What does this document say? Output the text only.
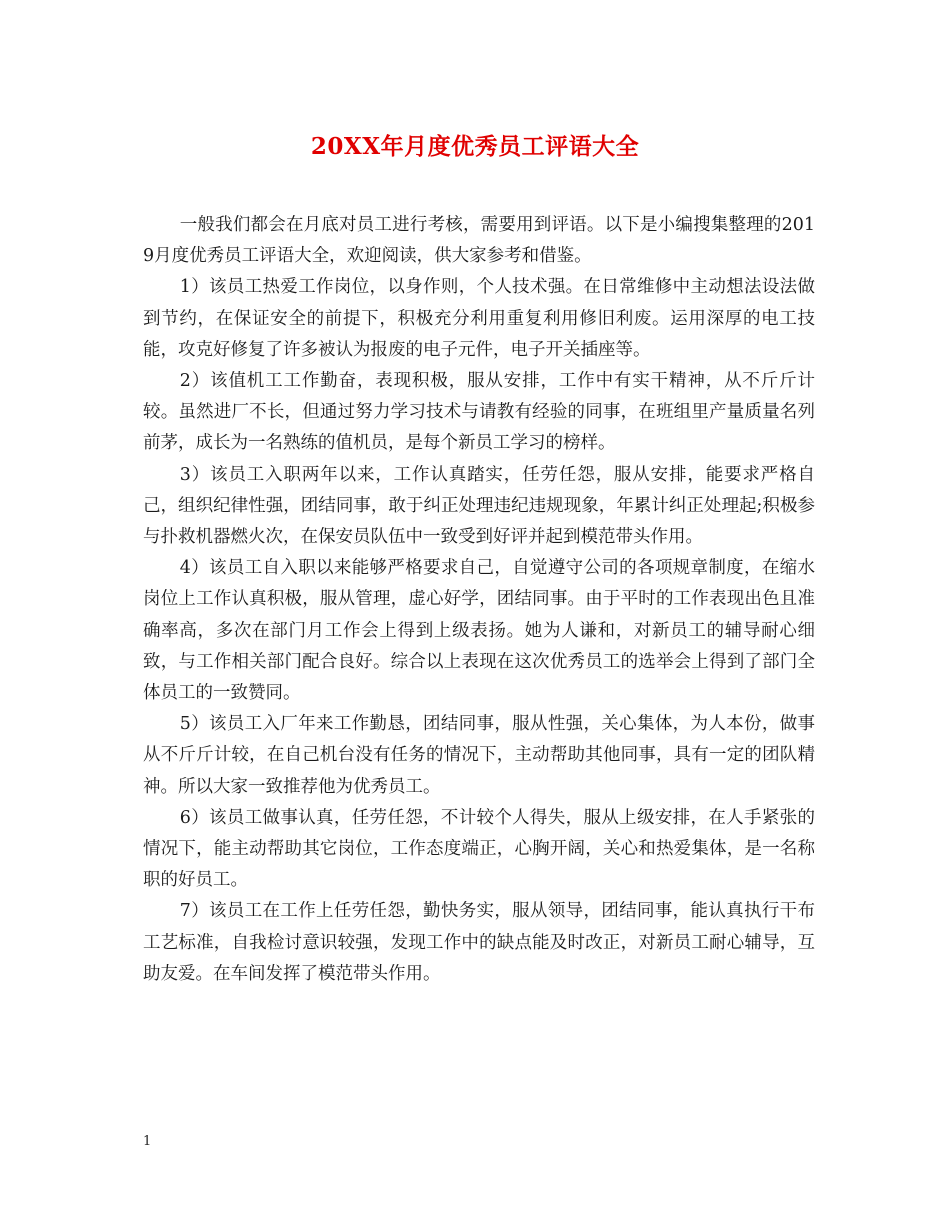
20XX年月度优秀员工评语大全

一般我们都会在月底对员工进行考核，需要用到评语。以下是小编搜集整理的2019月度优秀员工评语大全，欢迎阅读，供大家参考和借鉴。

1）该员工热爱工作岗位，以身作则，个人技术强。在日常维修中主动想法设法做到节约，在保证安全的前提下，积极充分利用重复利用修旧利废。运用深厚的电工技能，攻克好修复了许多被认为报废的电子元件，电子开关插座等。

2）该值机工工作勤奋，表现积极，服从安排，工作中有实干精神，从不斤斤计较。虽然进厂不长，但通过努力学习技术与请教有经验的同事，在班组里产量质量名列前茅，成长为一名熟练的值机员，是每个新员工学习的榜样。

3）该员工入职两年以来，工作认真踏实，任劳任怨，服从安排，能要求严格自己，组织纪律性强，团结同事，敢于纠正处理违纪违规现象，年累计纠正处理起;积极参与扑救机器燃火次，在保安员队伍中一致受到好评并起到模范带头作用。

4）该员工自入职以来能够严格要求自己，自觉遵守公司的各项规章制度，在缩水岗位上工作认真积极，服从管理，虚心好学，团结同事。由于平时的工作表现出色且准确率高，多次在部门月工作会上得到上级表扬。她为人谦和，对新员工的辅导耐心细致，与工作相关部门配合良好。综合以上表现在这次优秀员工的选举会上得到了部门全体员工的一致赞同。

5）该员工入厂年来工作勤恳，团结同事，服从性强，关心集体，为人本份，做事从不斤斤计较，在自己机台没有任务的情况下，主动帮助其他同事，具有一定的团队精神。所以大家一致推荐他为优秀员工。

6）该员工做事认真，任劳任怨，不计较个人得失，服从上级安排，在人手紧张的情况下，能主动帮助其它岗位，工作态度端正，心胸开阔，关心和热爱集体，是一名称职的好员工。

7）该员工在工作上任劳任怨，勤快务实，服从领导，团结同事，能认真执行干布工艺标准，自我检讨意识较强，发现工作中的缺点能及时改正，对新员工耐心辅导，互助友爱。在车间发挥了模范带头作用。

1
